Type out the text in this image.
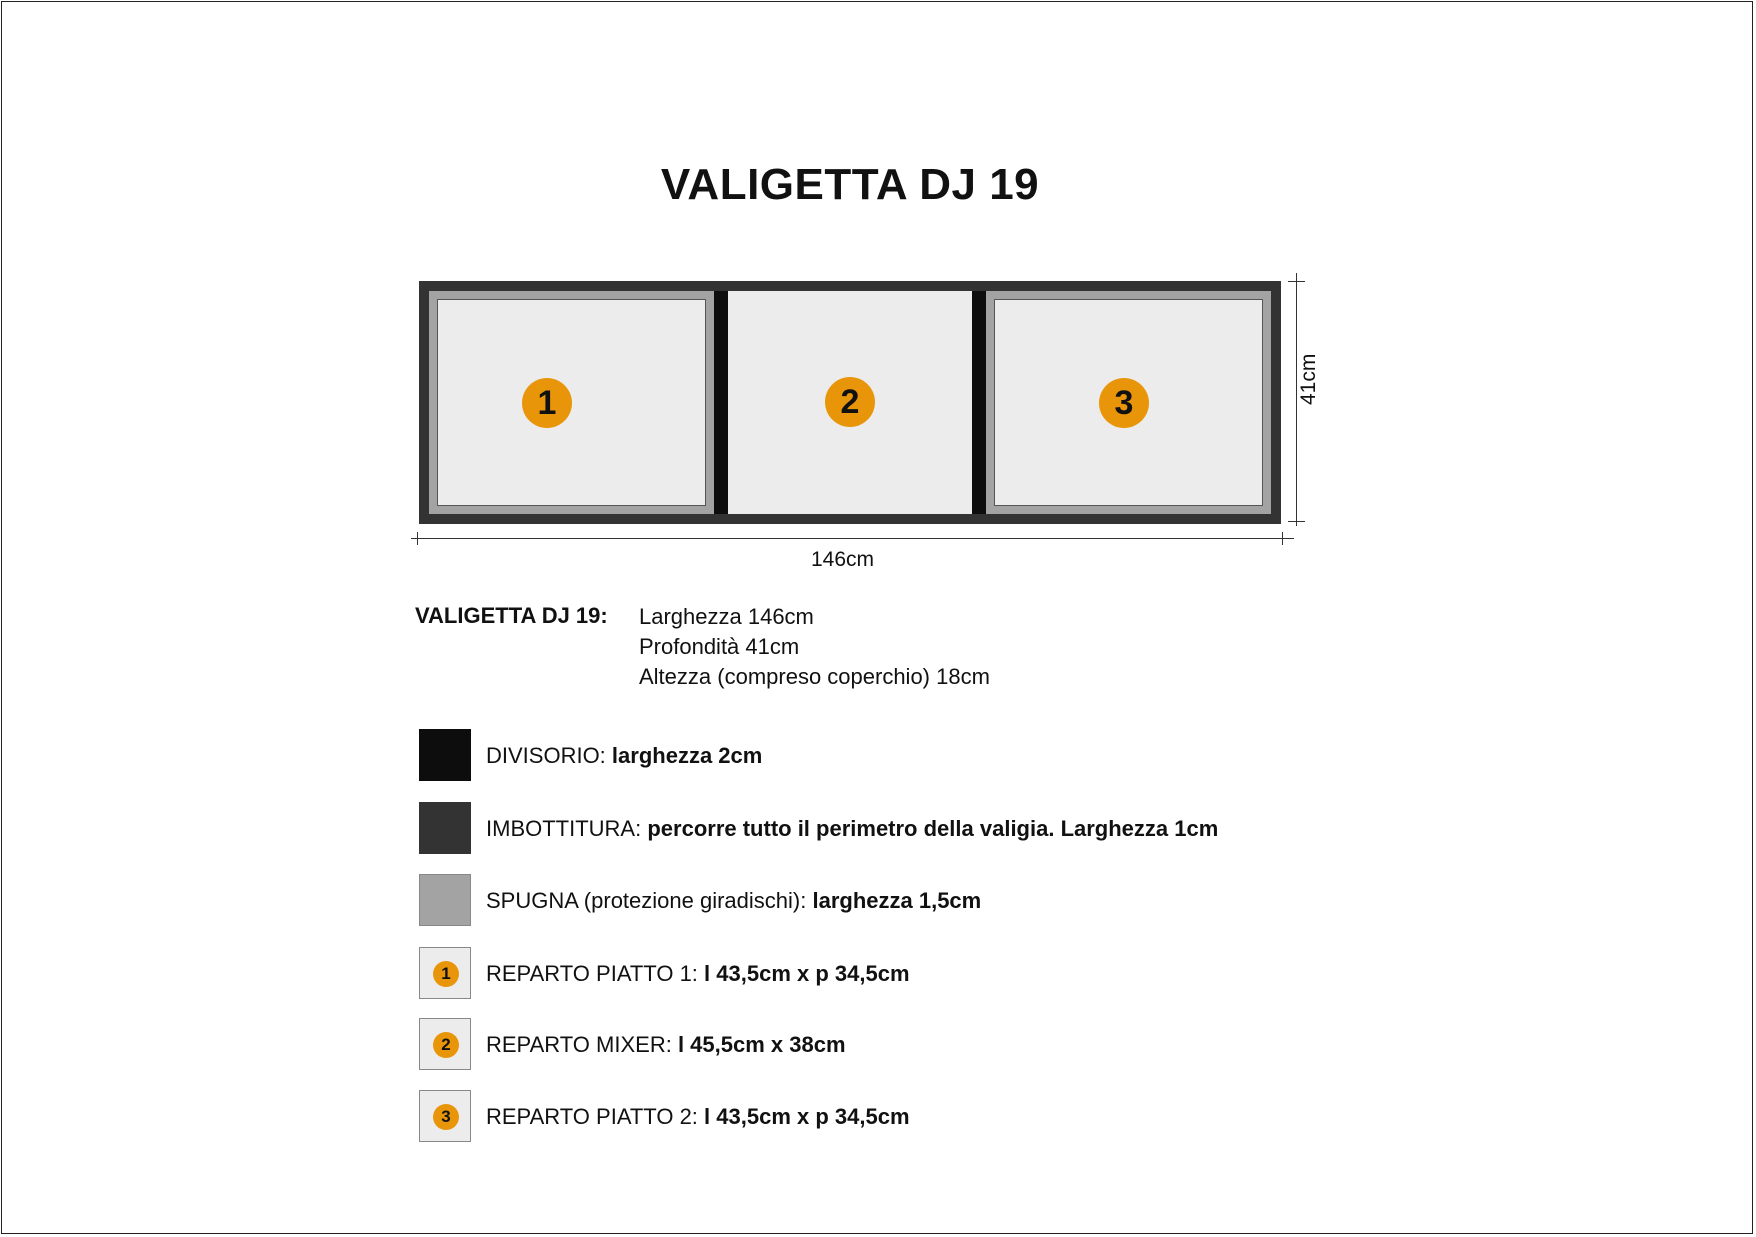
VALIGETTA DJ 19
1	2	3
146cm
41cm
VALIGETTA DJ 19: Larghezza 146cm
Profondità 41cm
Altezza (compreso coperchio) 18cm
DIVISORIO: larghezza 2cm
IMBOTTITURA: percorre tutto il perimetro della valigia. Larghezza 1cm
SPUGNA (protezione giradischi): larghezza 1,5cm
1	REPARTO PIATTO 1: l 43,5cm x p 34,5cm
2	REPARTO MIXER: l 45,5cm x 38cm
3	REPARTO PIATTO 2: l 43,5cm x p 34,5cm
